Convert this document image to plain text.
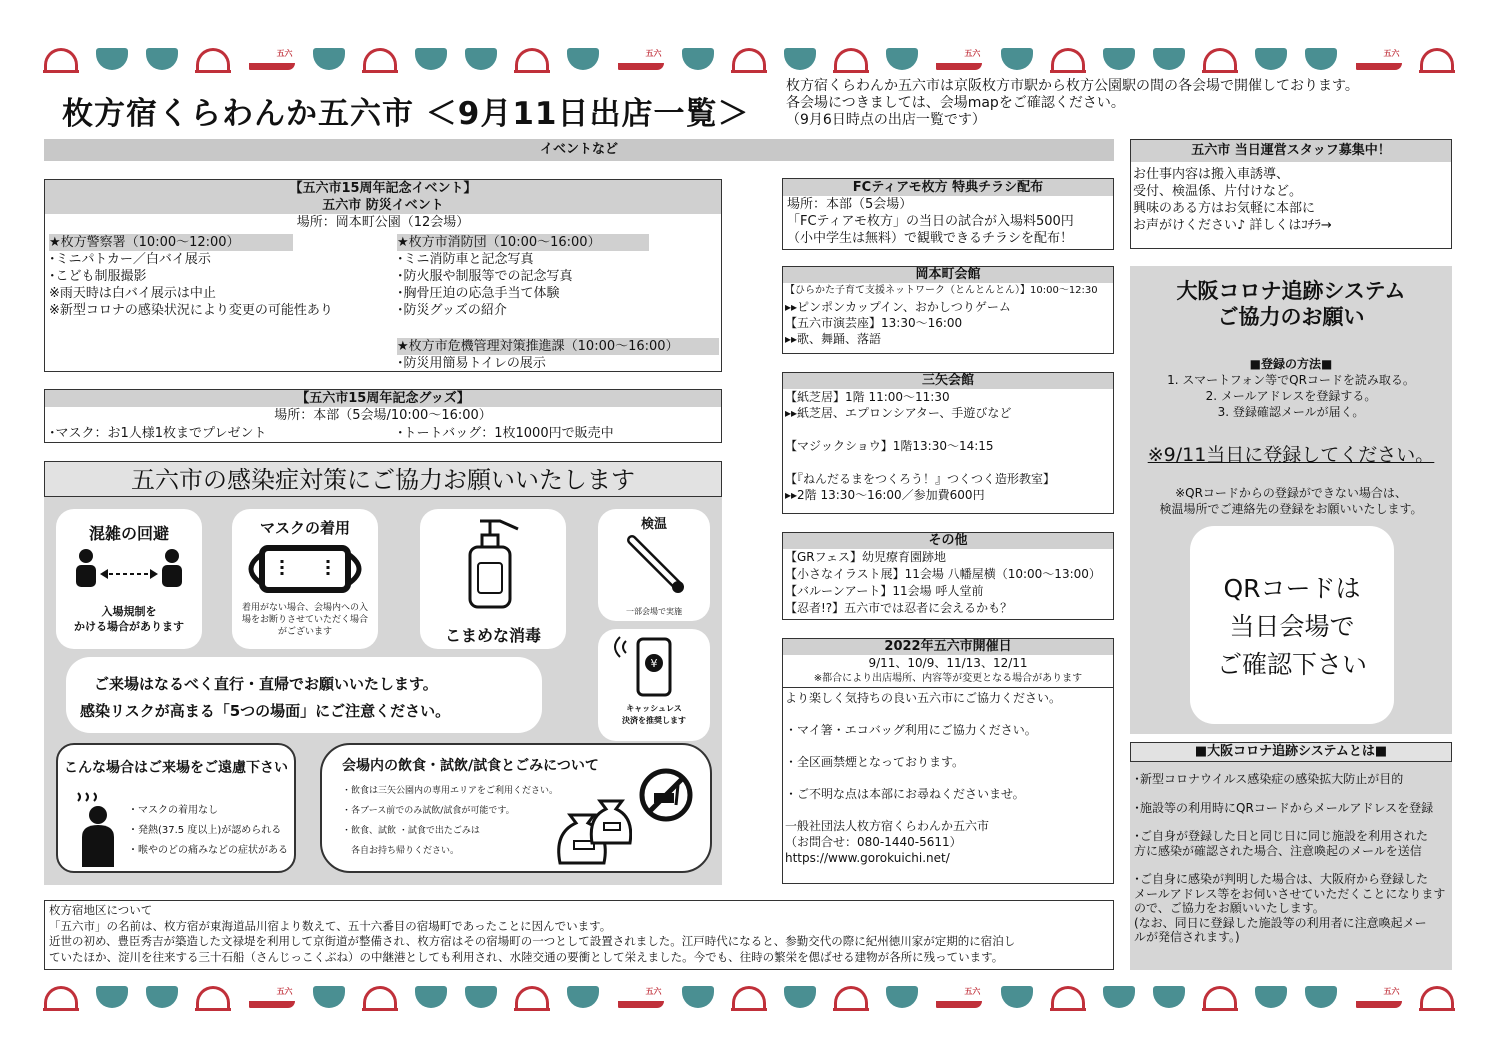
五六	五六	五六	五六
枚方宿くらわんか五六市 ＜9月11日出店一覧＞
枚方宿くらわんか五六市は京阪枚方市駅から枚方公園駅の間の各会場で開催しております。
各会場につきましては、会場mapをご確認ください。
（9月6日時点の出店一覧です）
イベントなど
【五六市15周年記念イベント】
五六市 防災イベント
場所：岡本町公園（12会場）
★枚方警察署（10:00～12:00）
･ミニパトカー／白バイ展示
･こども制服撮影
※雨天時は白バイ展示は中止
※新型コロナの感染状況により変更の可能性あり
★枚方市消防団（10:00～16:00）
･ミニ消防車と記念写真
･防火服や制服等での記念写真
･胸骨圧迫の応急手当て体験
･防災グッズの紹介
★枚方市危機管理対策推進課（10:00～16:00）
･防災用簡易トイレの展示
【五六市15周年記念グッズ】
場所：本部（5会場/10:00～16:00）
･マスク：お1人様1枚までプレゼント	･トートバッグ：1枚1000円で販売中
五六市の感染症対策にご協力お願いいたします
混雑の回避
入場規制を
かける場合があります
マスクの着用
着用がない場合、会場内への入場をお断りさせていただく場合がございます	こまめな消毒
検温
一部会場で実施
¥
キャッシュレス
決済を推奨します
ご来場はなるべく直行・直帰でお願いいたします。
感染リスクが高まる「5つの場面」にご注意ください。
こんな場合はご来場をご遠慮下さい
・マスクの着用なし
・発熱(37.5 度以上)が認められる
・喉やのどの痛みなどの症状がある
会場内の飲食・試飲/試食とごみについて
・飲食は三矢公園内の専用エリアをご利用ください。
・各ブース前でのみ試飲/試食が可能です。
・飲食、試飲 ・試食で出たごみは
　各自お持ち帰りください。
FCティアモ枚方 特典チラシ配布
場所：本部（5会場）
「FCティアモ枚方」の当日の試合が入場料500円
（小中学生は無料）で観戦できるチラシを配布！
岡本町会館
【ひらかた子育て支援ネットワーク（とんとんとん）】10:00～12:30
▸▸ピンポンカップイン、おかしつりゲーム
【五六市演芸座】13:30～16:00
▸▸歌、舞踊、落語
三矢会館
【紙芝居】1階 11:00～11:30
▸▸紙芝居、エプロンシアター、手遊びなど
【マジックショウ】1階13:30～14:15
【『ねんだるまをつくろう！』つくつく造形教室】
▸▸2階 13:30～16:00／参加費600円
その他
【GRフェス】幼児療育園跡地
【小さなイラスト展】11会場 八幡屋横（10:00～13:00）
【バルーンアート】11会場 呼人堂前
【忍者!?】五六市では忍者に会えるかも？
2022年五六市開催日
9/11、10/9、11/13、12/11
※都合により出店場所、内容等が変更となる場合があります
より楽しく気持ちの良い五六市にご協力ください。
・マイ箸・エコバッグ利用にご協力ください。
・全区画禁煙となっております。
・ご不明な点は本部にお尋ねくださいませ。
一般社団法人枚方宿くらわんか五六市
（お問合せ：080-1440-5611）
https://www.gorokuichi.net/
五六市 当日運営スタッフ募集中！
お仕事内容は搬入車誘導、
受付、検温係、片付けなど。
興味のある方はお気軽に本部に
お声がけください♪ 詳しくはｺﾁﾗ→
大阪コロナ追跡システム
ご協力のお願い
■登録の方法■
1. スマートフォン等でQRコードを読み取る。
2. メールアドレスを登録する。
3. 登録確認メールが届く。
※9/11当日に登録してください。
※QRコードからの登録ができない場合は、
検温場所でご連絡先の登録をお願いいたします。
QRコードは
当日会場で
ご確認下さい
■大阪コロナ追跡システムとは■
･新型コロナウイルス感染症の感染拡大防止が目的
･施設等の利用時にQRコードからメールアドレスを登録
･ご自身が登録した日と同じ日に同じ施設を利用された
方に感染が確認された場合、注意喚起のメールを送信
･ご自身に感染が判明した場合は、大阪府から登録した
メールアドレス等をお伺いさせていただくことになります
ので、ご協力をお願いいたします。
(なお、同日に登録した施設等の利用者に注意喚起メー
ルが発信されます。)
枚方宿地区について
「五六市」の名前は、枚方宿が東海道品川宿より数えて、五十六番目の宿場町であったことに因んでいます。
近世の初め、豊臣秀吉が築造した文禄堤を利用して京街道が整備され、枚方宿はその宿場町の一つとして設置されました。江戸時代になると、参勤交代の際に紀州徳川家が定期的に宿泊し
ていたほか、淀川を往来する三十石船（さんじっこくぶね）の中継港としても利用され、水陸交通の要衝として栄えました。今でも、往時の繁栄を偲ばせる建物が各所に残っています。
五六	五六	五六	五六
